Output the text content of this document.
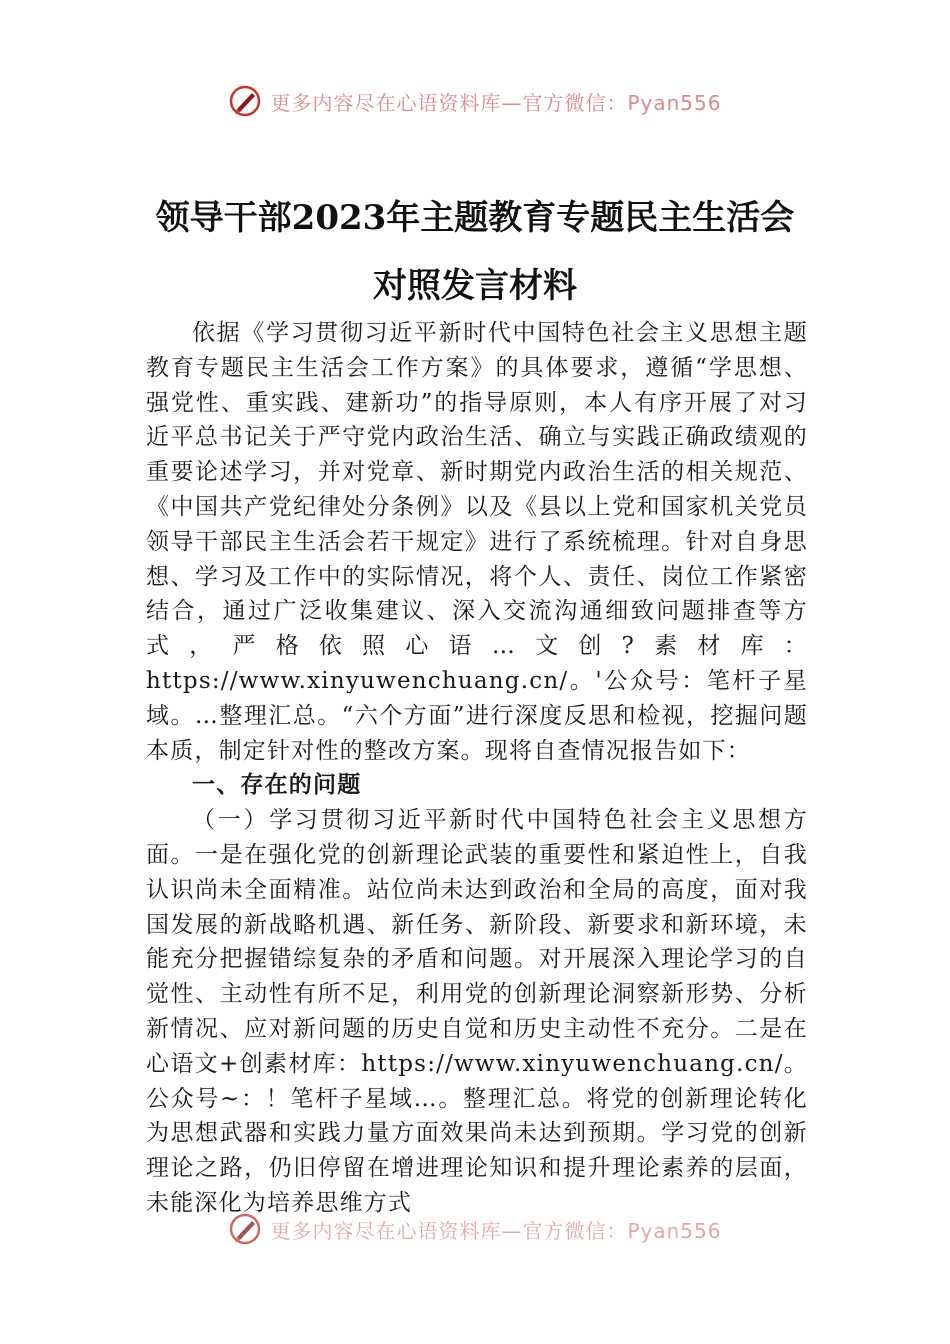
更多内容尽在心语资料库—官方微信：Pyan556
领导干部2023年主题教育专题民主生活会
对照发言材料

依据《学习贯彻习近平新时代中国特色社会主义思想主题教育专题民主生活会工作方案》的具体要求，遵循“学思想、强党性、重实践、建新功”的指导原则，本人有序开展了对习近平总书记关于严守党内政治生活、确立与实践正确政绩观的重要论述学习，并对党章、新时期党内政治生活的相关规范、《中国共产党纪律处分条例》以及《县以上党和国家机关党员领导干部民主生活会若干规定》进行了系统梳理。针对自身思想、学习及工作中的实际情况，将个人、责任、岗位工作紧密结合，通过广泛收集建议、深入交流沟通细致问题排查等方式，严格依照心语…文创?素材库：https://www.xinyuwenchuang.cn/。'公众号：笔杆子星域。…整理汇总。“六个方面”进行深度反思和检视，挖掘问题本质，制定针对性的整改方案。现将自查情况报告如下：

一、存在的问题

（一）学习贯彻习近平新时代中国特色社会主义思想方面。一是在强化党的创新理论武装的重要性和紧迫性上，自我认识尚未全面精准。站位尚未达到政治和全局的高度，面对我国发展的新战略机遇、新任务、新阶段、新要求和新环境，未能充分把握错综复杂的矛盾和问题。对开展深入理论学习的自觉性、主动性有所不足，利用党的创新理论洞察新形势、分析新情况、应对新问题的历史自觉和历史主动性不充分。二是在心语文+创素材库：https://www.xinyuwenchuang.cn/。公众号~：！笔杆子星域…。整理汇总。将党的创新理论转化为思想武器和实践力量方面效果尚未达到预期。学习党的创新理论之路，仍旧停留在增进理论知识和提升理论素养的层面，未能深化为培养思维方式

更多内容尽在心语资料库—官方微信：Pyan556
